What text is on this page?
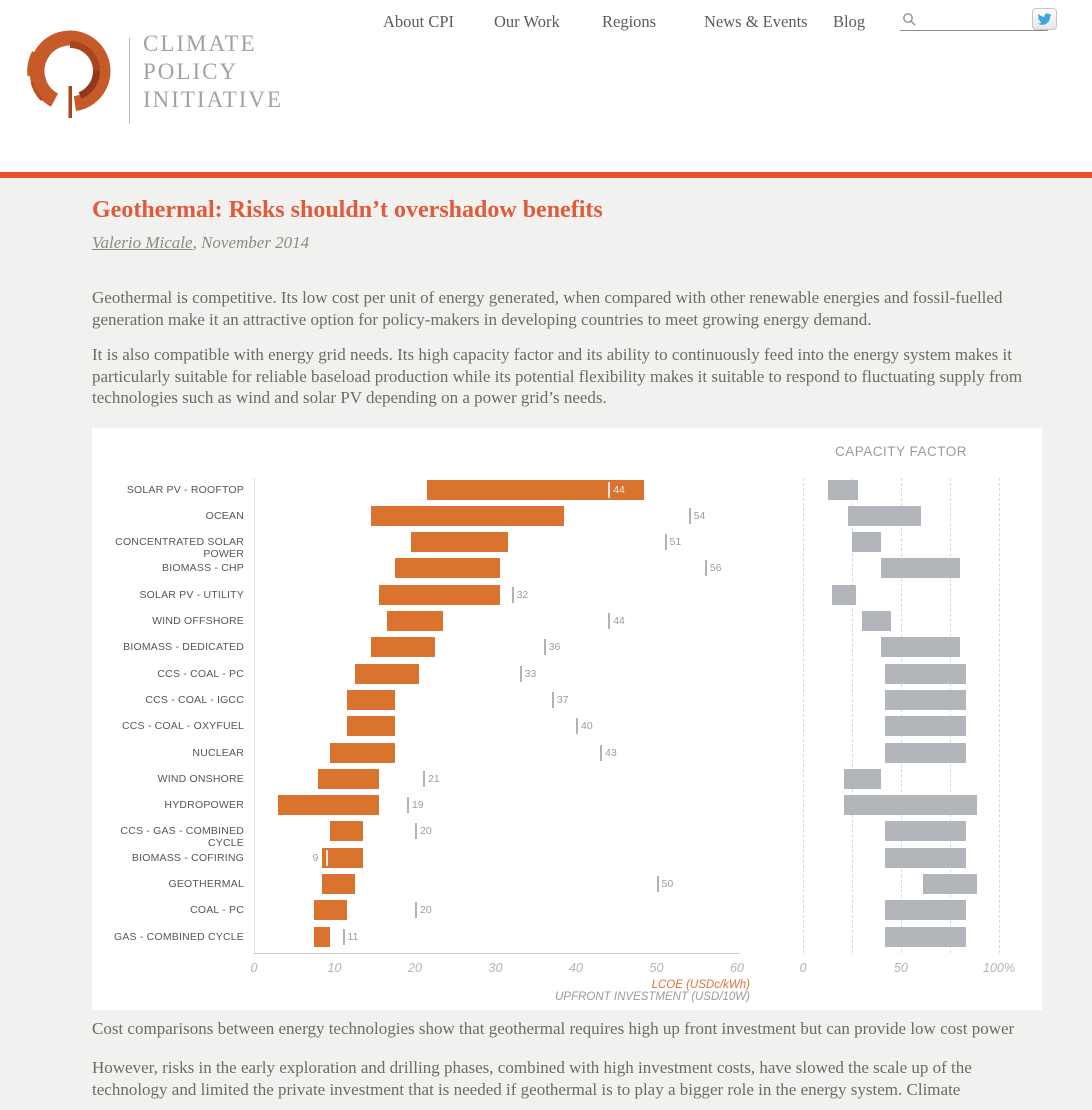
CLIMATE
POLICY
INITIATIVE
About CPI Our Work	Regions	News & Events Blog
Geothermal: Risks shouldn’t overshadow benefits
Valerio Micale, November 2014

Geothermal is competitive. Its low cost per unit of energy generated, when compared with other renewable energies and fossil-fuelled generation make it an attractive option for policy-makers in developing countries to meet growing energy demand.

It is also compatible with energy grid needs. Its high capacity factor and its ability to continuously feed into the energy system makes it particularly suitable for reliable baseload production while its potential flexibility makes it suitable to respond to fluctuating supply from technologies such as wind and solar PV depending on a power grid’s needs.

CAPACITY FACTOR
LCOE (USDc/kWh)
UPFRONT INVESTMENT (USD/10W)
0	10	20	30	40	50	60	0	50	100%
SOLAR PV - ROOFTOP	44
OCEAN	54
CONCENTRATED SOLAR POWER
51
BIOMASS - CHP	56
SOLAR PV - UTILITY	32
WIND OFFSHORE	44
BIOMASS - DEDICATED	36
CCS - COAL - PC	33
CCS - COAL - IGCC	37
CCS - COAL - OXYFUEL	40
NUCLEAR	43
WIND ONSHORE	21
HYDROPOWER	19
CCS - GAS - COMBINED CYCLE
20
BIOMASS - COFIRING	9
GEOTHERMAL	50
COAL - PC	20
GAS - COMBINED CYCLE	11

Cost comparisons between energy technologies show that geothermal requires high up front investment but can provide low cost power

However, risks in the early exploration and drilling phases, combined with high investment costs, have slowed the scale up of the technology and limited the private investment that is needed if geothermal is to play a bigger role in the energy system. Climate
